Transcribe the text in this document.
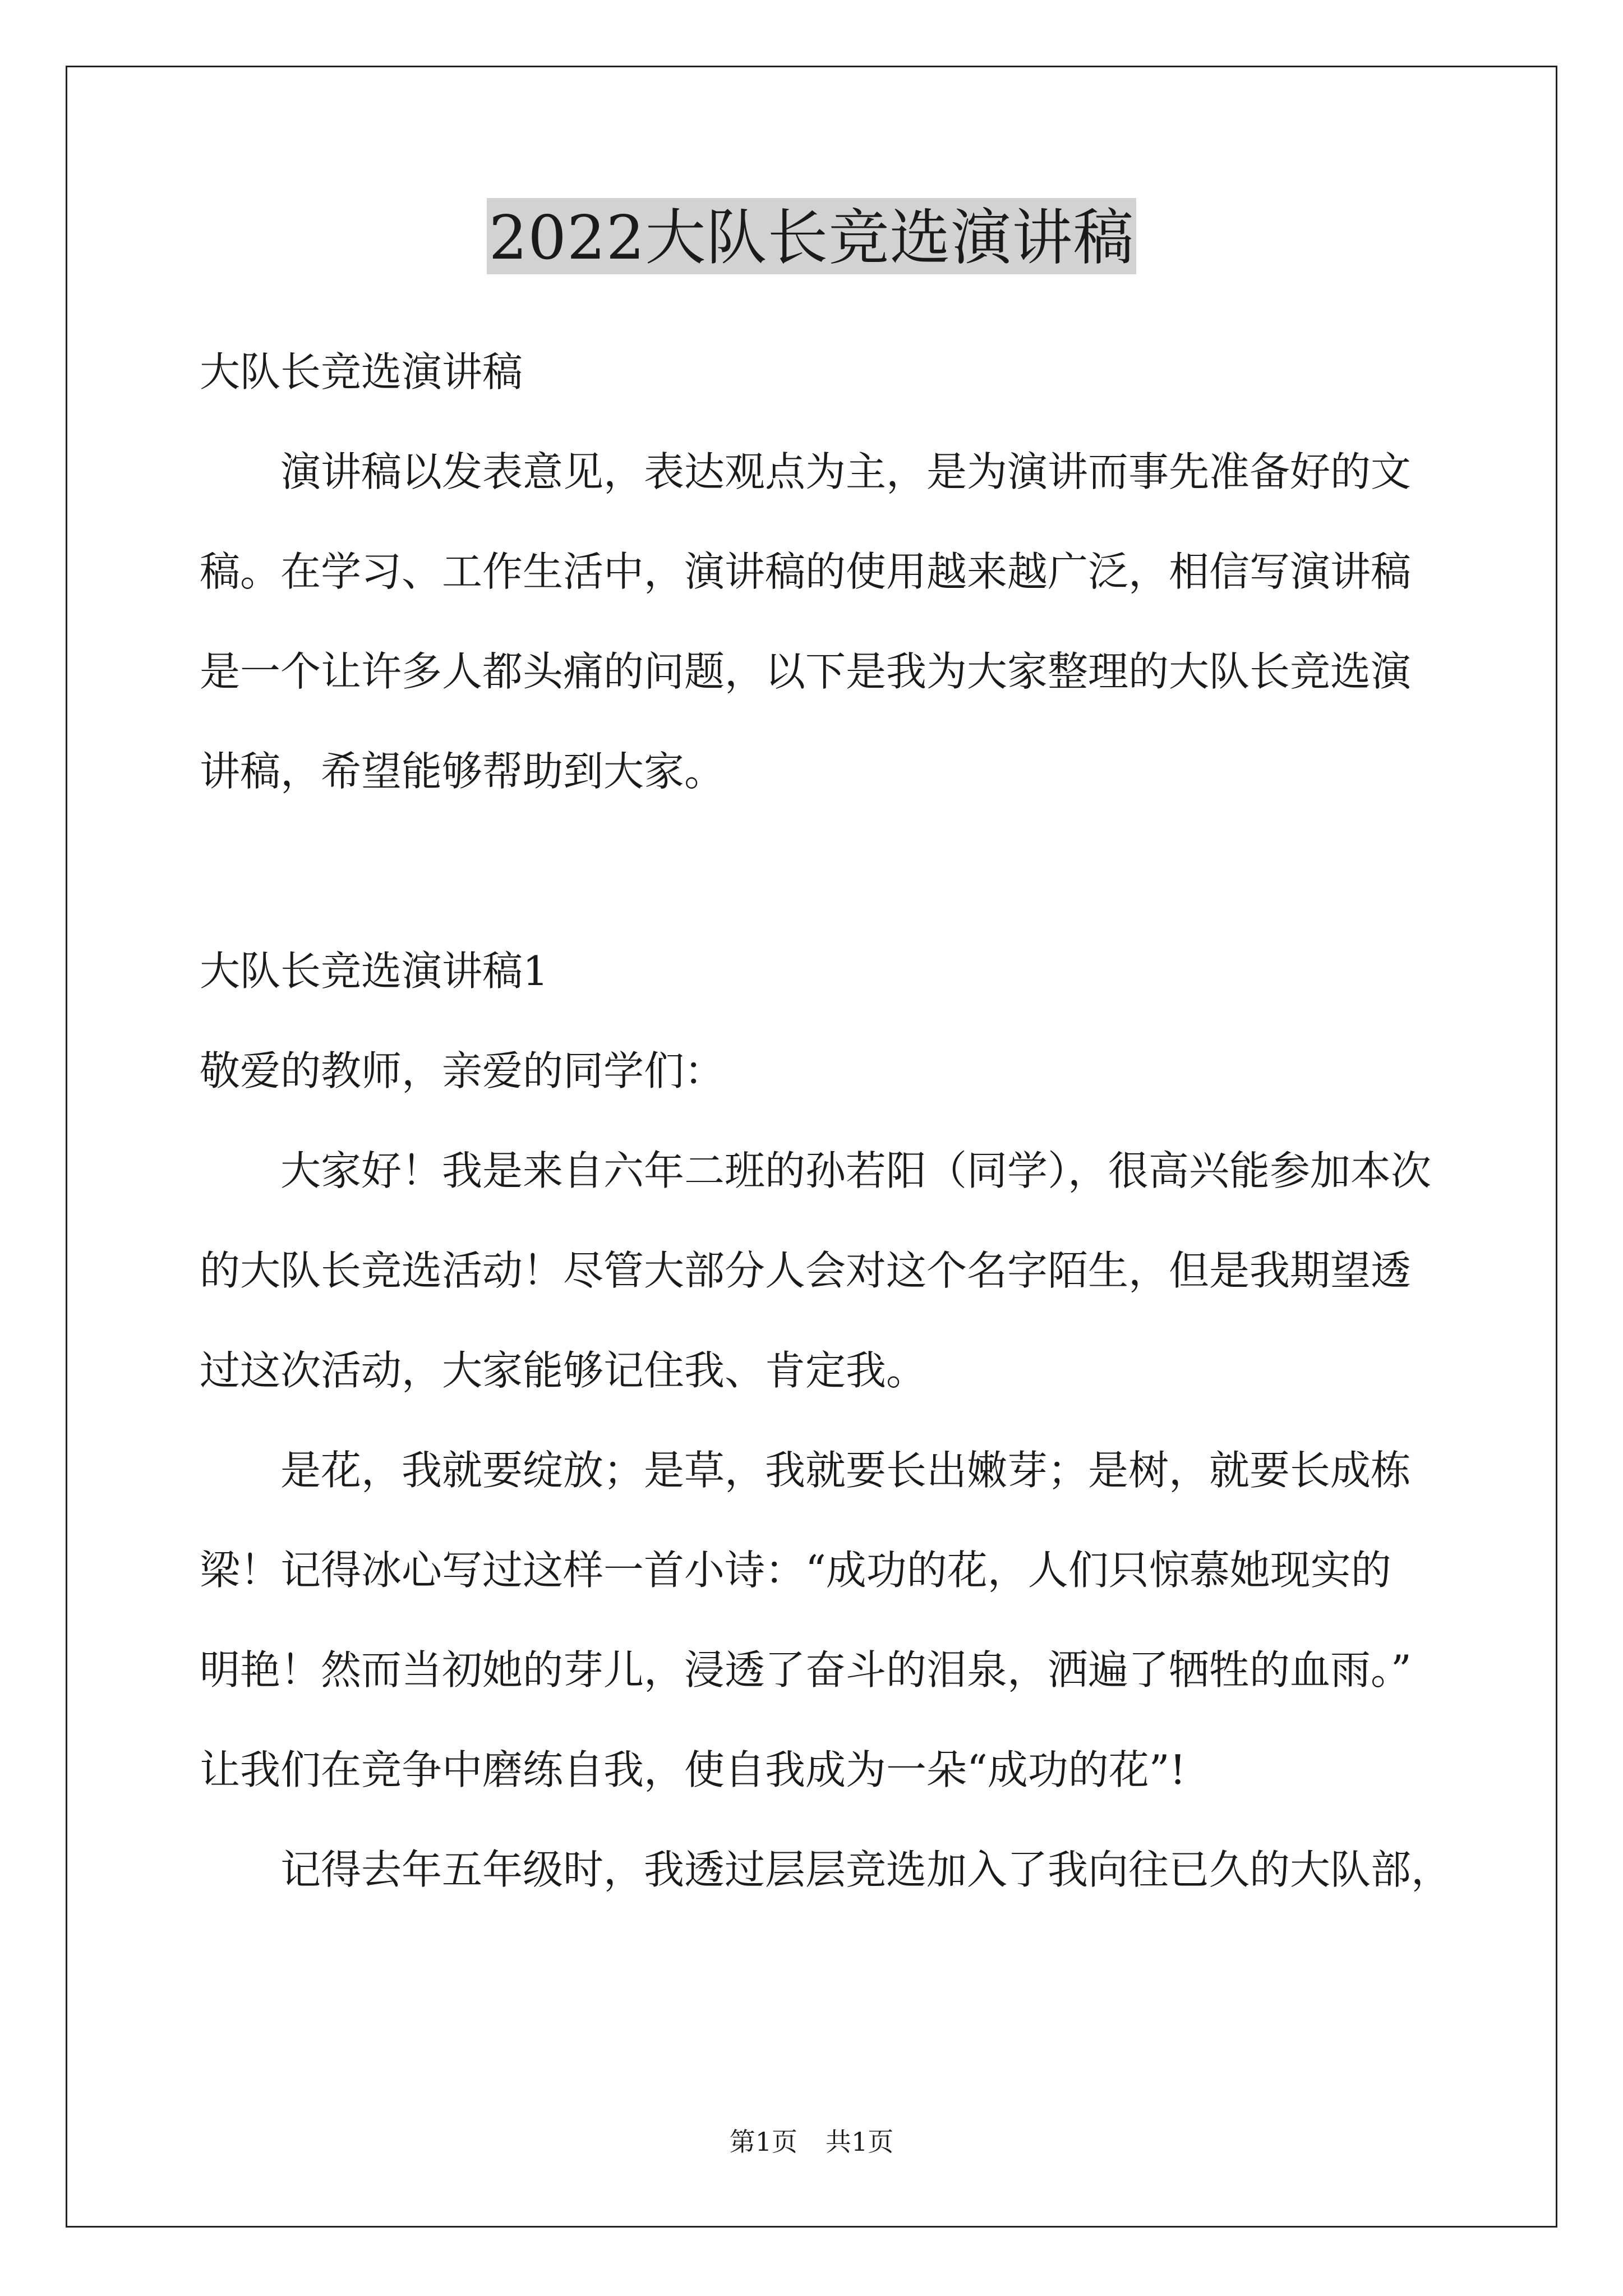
2022大队长竞选演讲稿

大队长竞选演讲稿

演讲稿以发表意见，表达观点为主，是为演讲而事先准备好的文

稿。在学习、工作生活中，演讲稿的使用越来越广泛，相信写演讲稿

是一个让许多人都头痛的问题，以下是我为大家整理的大队长竞选演

讲稿，希望能够帮助到大家。

大队长竞选演讲稿1

敬爱的教师，亲爱的同学们：

大家好！我是来自六年二班的孙若阳（同学），很高兴能参加本次

的大队长竞选活动！尽管大部分人会对这个名字陌生，但是我期望透

过这次活动，大家能够记住我、肯定我。

是花，我就要绽放；是草，我就要长出嫩芽；是树，就要长成栋

梁！记得冰心写过这样一首小诗：“成功的花，人们只惊慕她现实的

明艳！然而当初她的芽儿，浸透了奋斗的泪泉，洒遍了牺牲的血雨。”

让我们在竞争中磨练自我，使自我成为一朵“成功的花”!

记得去年五年级时，我透过层层竞选加入了我向往已久的大队部，

第1页 共1页
